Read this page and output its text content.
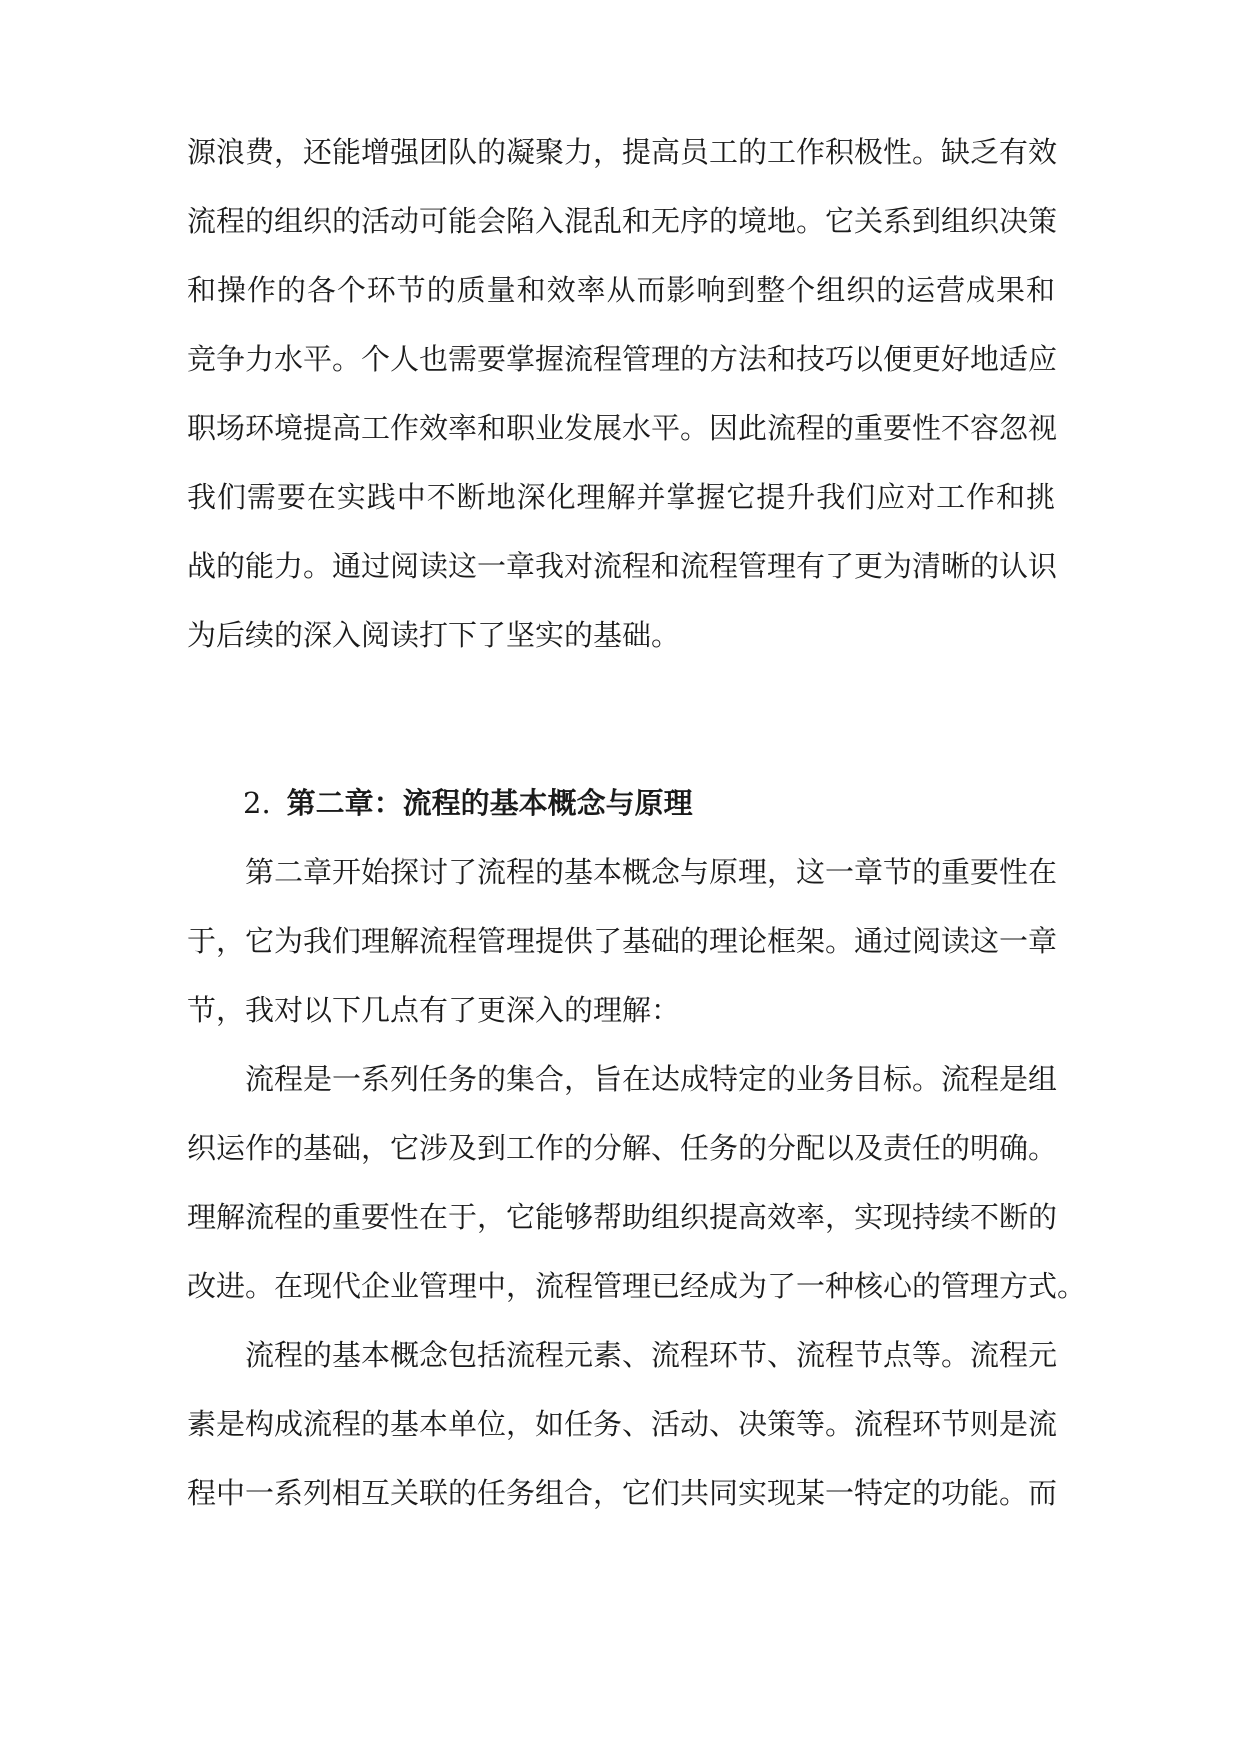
源浪费，还能增强团队的凝聚力，提高员工的工作积极性。缺乏有效
流程的组织的活动可能会陷入混乱和无序的境地。它关系到组织决策
和操作的各个环节的质量和效率从而影响到整个组织的运营成果和
竞争力水平。个人也需要掌握流程管理的方法和技巧以便更好地适应
职场环境提高工作效率和职业发展水平。因此流程的重要性不容忽视
我们需要在实践中不断地深化理解并掌握它提升我们应对工作和挑
战的能力。通过阅读这一章我对流程和流程管理有了更为清晰的认识
为后续的深入阅读打下了坚实的基础。
2. 第二章：流程的基本概念与原理
第二章开始探讨了流程的基本概念与原理，这一章节的重要性在
于，它为我们理解流程管理提供了基础的理论框架。通过阅读这一章
节，我对以下几点有了更深入的理解：
流程是一系列任务的集合，旨在达成特定的业务目标。流程是组
织运作的基础，它涉及到工作的分解、任务的分配以及责任的明确。
理解流程的重要性在于，它能够帮助组织提高效率，实现持续不断的
改进。在现代企业管理中，流程管理已经成为了一种核心的管理方式。
流程的基本概念包括流程元素、流程环节、流程节点等。流程元
素是构成流程的基本单位，如任务、活动、决策等。流程环节则是流
程中一系列相互关联的任务组合，它们共同实现某一特定的功能。而
